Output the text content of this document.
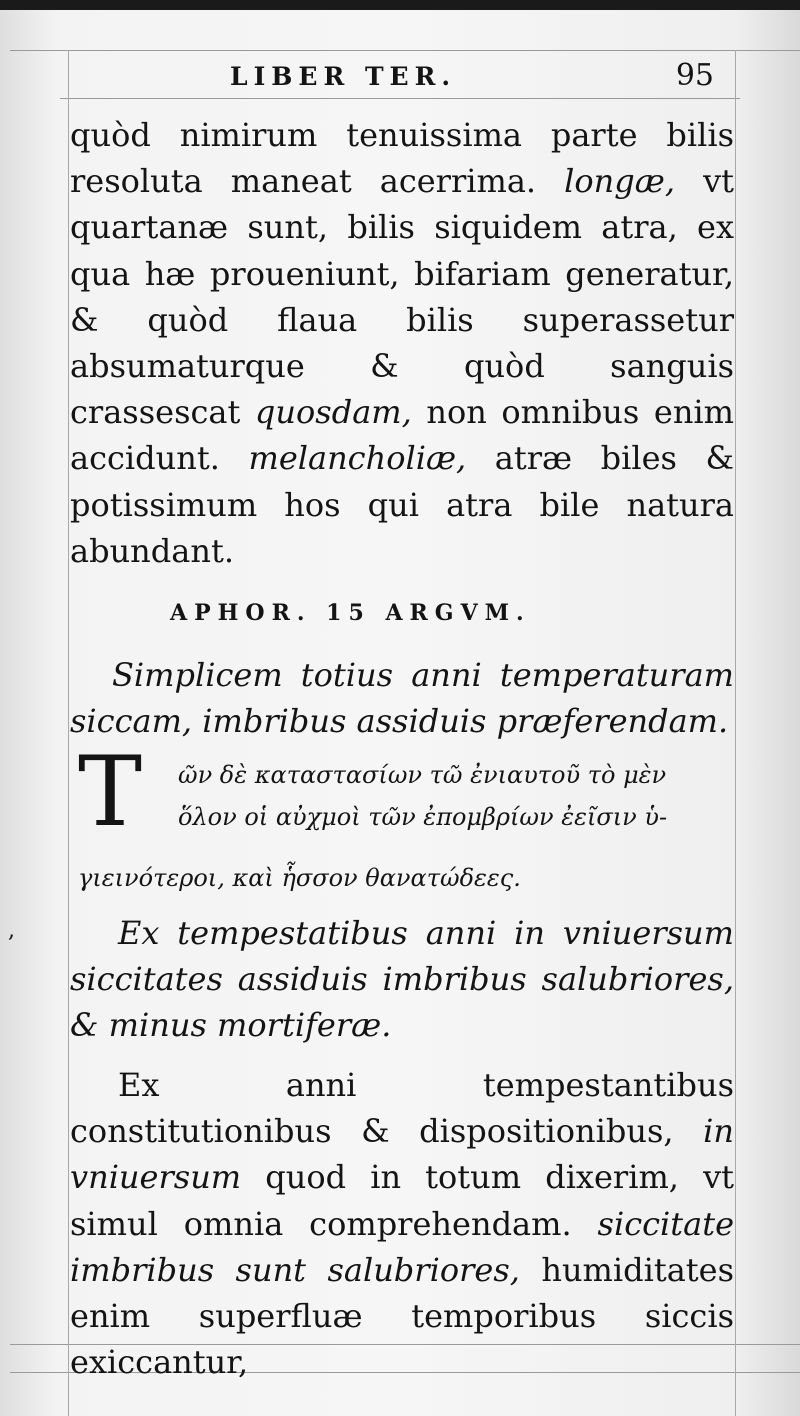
LIBER TER.	95
quòd nimirum tenuissima parte bilis resoluta maneat acerrima. longæ, vt quartanæ sunt, bilis siquidem atra, ex qua hæ proueniunt, bifariam generatur, & quòd flaua bilis superassetur absumaturque & quòd sanguis crassescat quosdam, non omnibus enim accidunt. melancholiæ, atræ biles & potissimum hos qui atra bile natura abundant.
APHOR. 15 ARGVM.
Simplicem totius anni temperaturam siccam, imbribus assiduis præferendam.
T ῶν δὲ καταστασίων τῶ ἐνιαυτοῦ τὸ μὲν
ὅλον οἱ αὐχμοὶ τῶν ἐπομβρίων ἐεῖσιν ὑ-
γιεινότεροι, καὶ ἧσσον θανατώδεες.
,	Ex tempestatibus anni in vniuersum siccitates assiduis imbribus salubriores, & minus mortiferæ.
Ex anni tempestantibus constitutionibus & dispositionibus, in vniuersum quod in totum dixerim, vt simul omnia comprehendam. siccitate imbribus sunt salubriores, humiditates enim superfluæ temporibus siccis exiccantur,
